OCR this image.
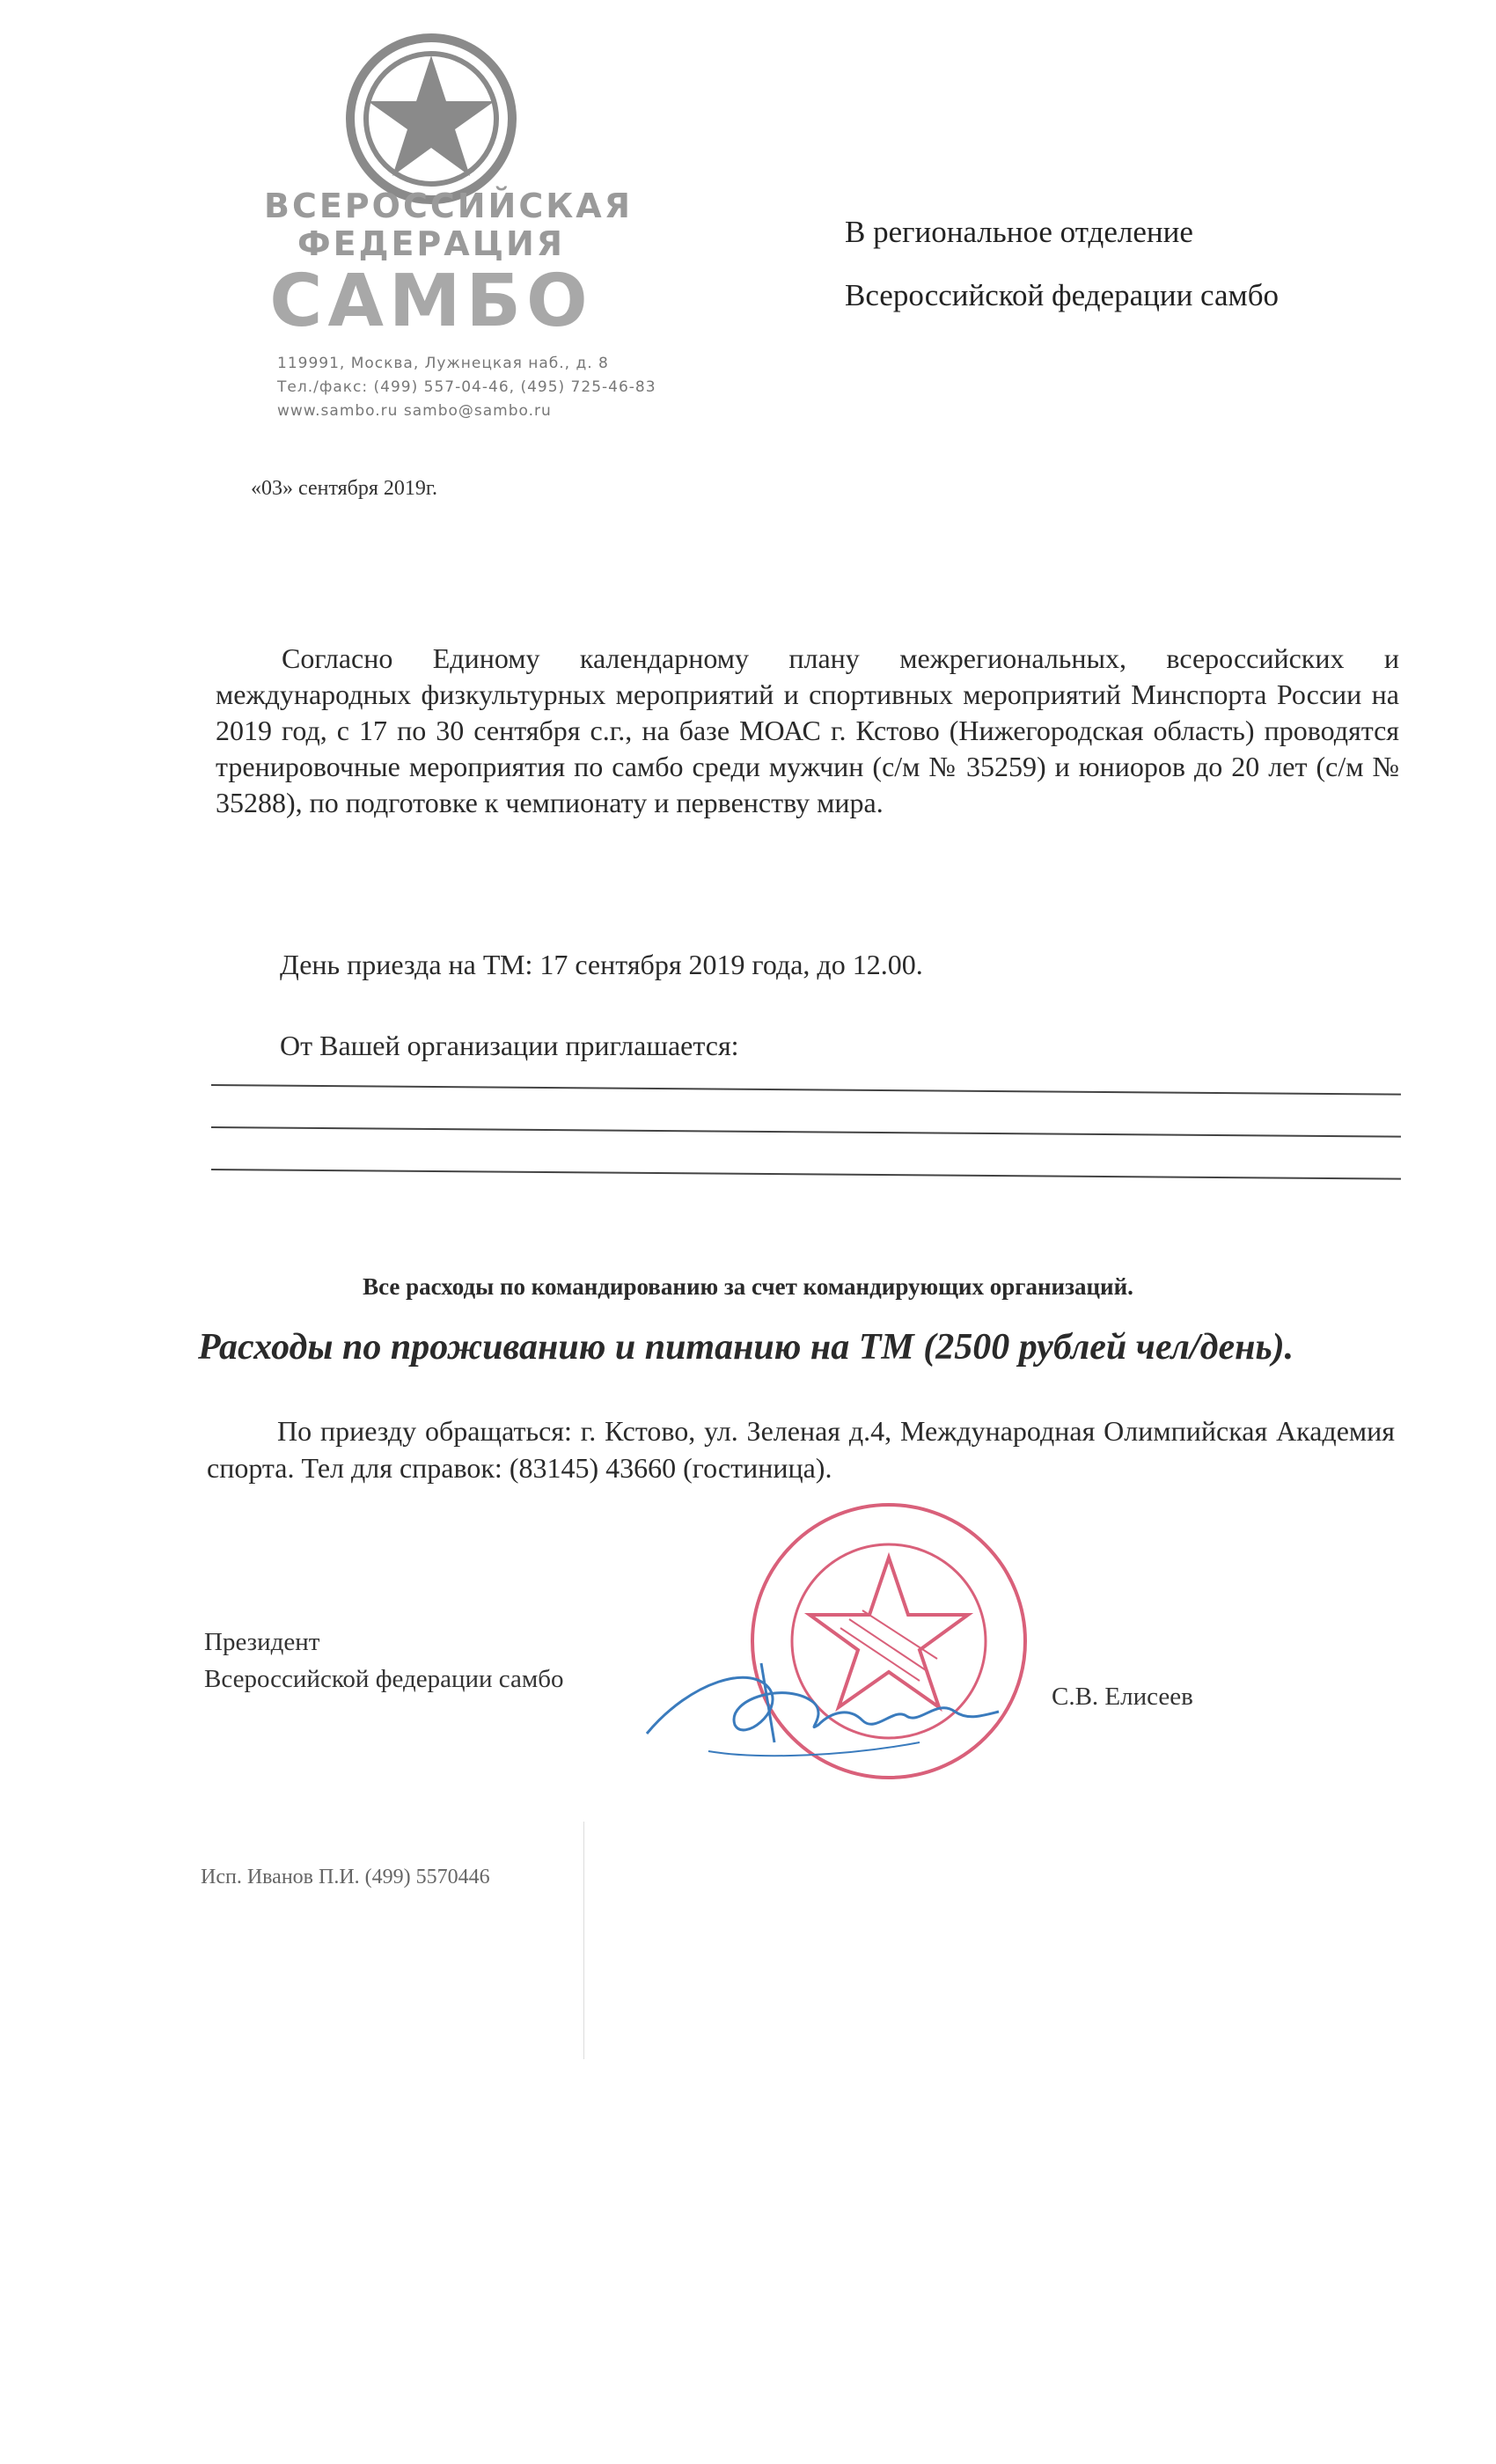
ВСЕРОССИЙСКАЯ
ФЕДЕРАЦИЯ
САМБО
119991, Москва, Лужнецкая наб., д. 8
Тел./факс: (499) 557-04-46, (495) 725-46-83
www.sambo.ru sambo@sambo.ru
В региональное отделение
Всероссийской федерации самбо
«03» сентября 2019г.
Согласно Единому календарному плану межрегиональных, всероссийских и международных физкультурных мероприятий и спортивных мероприятий Минспорта России на 2019 год, с 17 по 30 сентября с.г., на базе МОАС г. Кстово (Нижегородская область) проводятся тренировочные мероприятия по самбо среди мужчин (с/м № 35259) и юниоров до 20 лет (с/м № 35288), по подготовке к чемпионату и первенству мира.
День приезда на ТМ: 17 сентября 2019 года, до 12.00.
От Вашей организации приглашается:
Все расходы по командированию за счет командирующих организаций.
Расходы по проживанию и питанию на ТМ (2500 рублей чел/день).
По приезду обращаться: г. Кстово, ул. Зеленая д.4, Международная Олимпийская Академия спорта. Тел для справок: (83145) 43660 (гостиница).
Президент
Всероссийской федерации самбо
С.В. Елисеев
Исп. Иванов П.И. (499) 5570446
